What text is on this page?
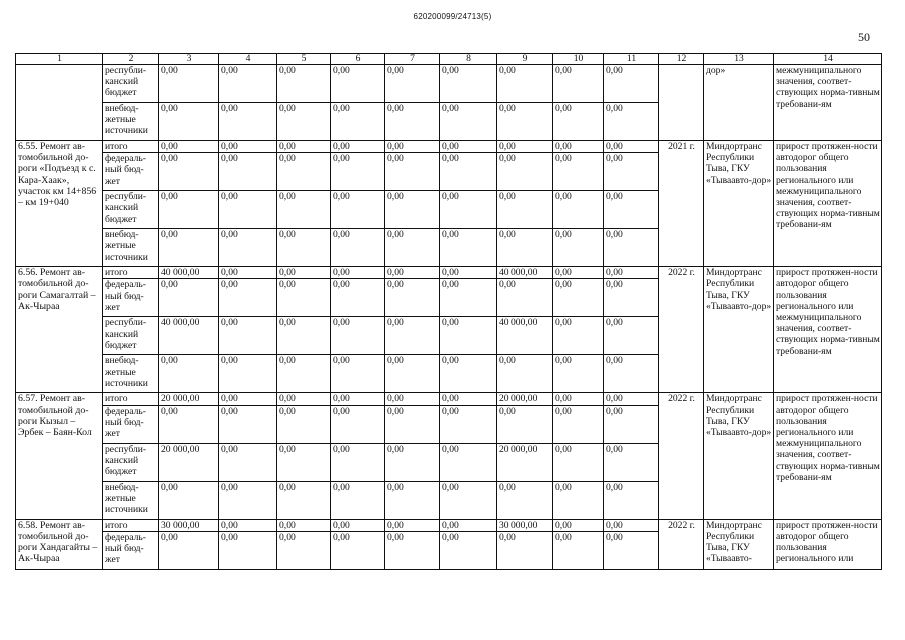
620200099/24713(5)
50
1	2	3	4	5	6	7	8	9	10	11	12	13	14
	республи-канский бюджет	0,00	0,00	0,00	0,00	0,00	0,00	0,00	0,00	0,00		дор»	межмуниципального значения, соответ-ствующих норма-тивным требовани-ям
	внебюд-жетные источники	0,00	0,00	0,00	0,00	0,00	0,00	0,00	0,00	0,00			
6.55. Ремонт ав-томобильной до-роги «Подъезд к с. Кара-Хаак», участок км 14+856 – км 19+040	итого	0,00	0,00	0,00	0,00	0,00	0,00	0,00	0,00	0,00	2021 г.	Миндортранс Республики Тыва, ГКУ «Тываавто-дор»	прирост протяжен-ности автодорог общего пользования регионального или межмуниципального значения, соответ-ствующих норма-тивным требовани-ям
	федераль-ный бюд-жет	0,00	0,00	0,00	0,00	0,00	0,00	0,00	0,00	0,00			
	республи-канский бюджет	0,00	0,00	0,00	0,00	0,00	0,00	0,00	0,00	0,00			
	внебюд-жетные источники	0,00	0,00	0,00	0,00	0,00	0,00	0,00	0,00	0,00			
6.56. Ремонт ав-томобильной до-роги Самагалтай – Ак-Чыраа	итого	40 000,00	0,00	0,00	0,00	0,00	0,00	40 000,00	0,00	0,00	2022 г.	Миндортранс Республики Тыва, ГКУ «Тываавто-дор»	прирост протяжен-ности автодорог общего пользования регионального или межмуниципального значения, соответ-ствующих норма-тивным требовани-ям
	федераль-ный бюд-жет	0,00	0,00	0,00	0,00	0,00	0,00	0,00	0,00	0,00			
	республи-канский бюджет	40 000,00	0,00	0,00	0,00	0,00	0,00	40 000,00	0,00	0,00			
	внебюд-жетные источники	0,00	0,00	0,00	0,00	0,00	0,00	0,00	0,00	0,00			
6.57. Ремонт ав-томобильной до-роги Кызыл – Эрбек – Баян-Кол	итого	20 000,00	0,00	0,00	0,00	0,00	0,00	20 000,00	0,00	0,00	2022 г.	Миндортранс Республики Тыва, ГКУ «Тываавто-дор»	прирост протяжен-ности автодорог общего пользования регионального или межмуниципального значения, соответ-ствующих норма-тивным требовани-ям
	федераль-ный бюд-жет	0,00	0,00	0,00	0,00	0,00	0,00	0,00	0,00	0,00			
	республи-канский бюджет	20 000,00	0,00	0,00	0,00	0,00	0,00	20 000,00	0,00	0,00			
	внебюд-жетные источники	0,00	0,00	0,00	0,00	0,00	0,00	0,00	0,00	0,00			
6.58. Ремонт ав-томобильной до-роги Хандагайты – Ак-Чыраа	итого	30 000,00	0,00	0,00	0,00	0,00	0,00	30 000,00	0,00	0,00	2022 г.	Миндортранс Республики Тыва, ГКУ «Тываавто-	прирост протяжен-ности автодорог общего пользования регионального или
	федераль-ный бюд-жет	0,00	0,00	0,00	0,00	0,00	0,00	0,00	0,00	0,00			
